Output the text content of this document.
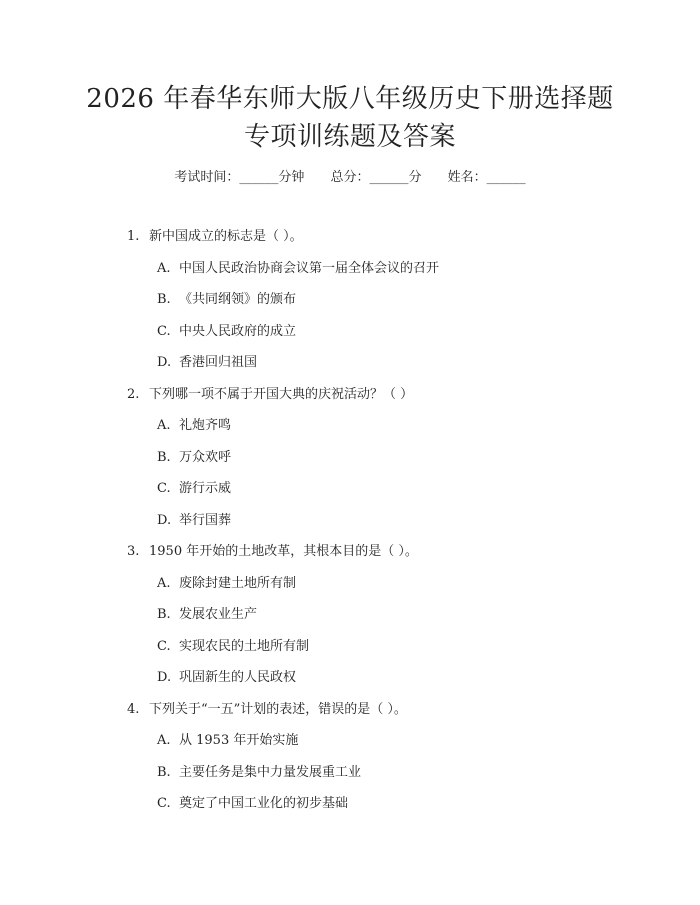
2026 年春华东师大版八年级历史下册选择题
专项训练题及答案
考试时间：______分钟 总分：______分 姓名：______
1. 新中国成立的标志是（ ）。
A. 中国人民政治协商会议第一届全体会议的召开
B. 《共同纲领》的颁布
C. 中央人民政府的成立
D. 香港回归祖国
2. 下列哪一项不属于开国大典的庆祝活动？（ ）
A. 礼炮齐鸣
B. 万众欢呼
C. 游行示威
D. 举行国葬
3. 1950 年开始的土地改革，其根本目的是（ ）。
A. 废除封建土地所有制
B. 发展农业生产
C. 实现农民的土地所有制
D. 巩固新生的人民政权
4. 下列关于“一五”计划的表述，错误的是（ ）。
A. 从 1953 年开始实施
B. 主要任务是集中力量发展重工业
C. 奠定了中国工业化的初步基础
